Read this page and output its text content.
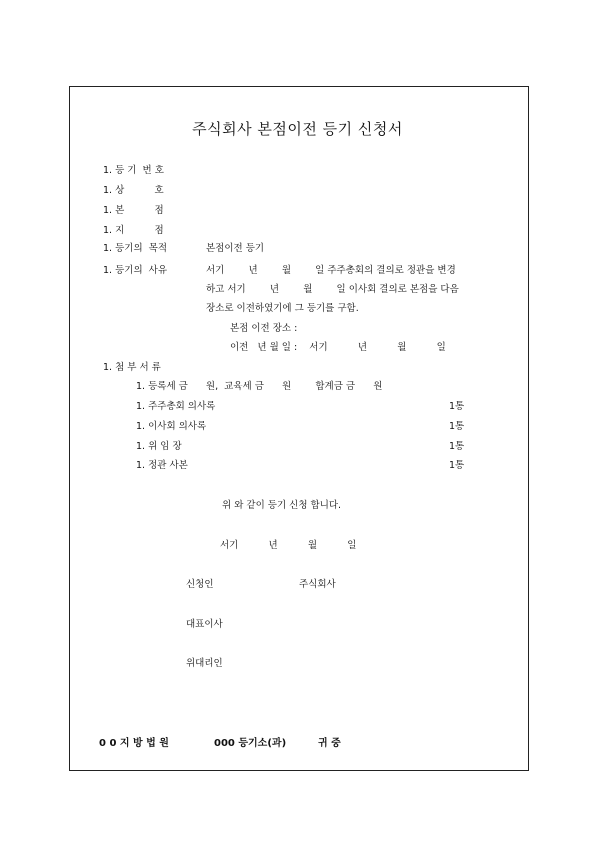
주식회사 본점이전 등기 신청서
1. 등 기  번 호
1. 상          호
1. 본          점
1. 지          점
1. 등기의  목적	본점이전 등기
1. 등기의  사유	서기        년        월        일 주주총회의 결의로 정관을 변경
하고 서기        년        월        일 이사회 결의로 본점을 다음
장소로 이전하였기에 그 등기를 구함.
본점 이전 장소 :
이전   년 월 일 :    서기          년          월          일
1. 첨 부 서 류
1. 등록세 금      원,  교육세 금      원        합계금 금      원
1. 주주총회 의사록	1통
1. 이사회 의사록	1통
1. 위 임 장	1통
1. 정관 사본	1통
위 와 같이 등기 신청 합니다.
서기          년          월          일
신청인	주식회사
대표이사
위대리인
0 0 지 방 법 원	000 등기소(과)	귀 중
